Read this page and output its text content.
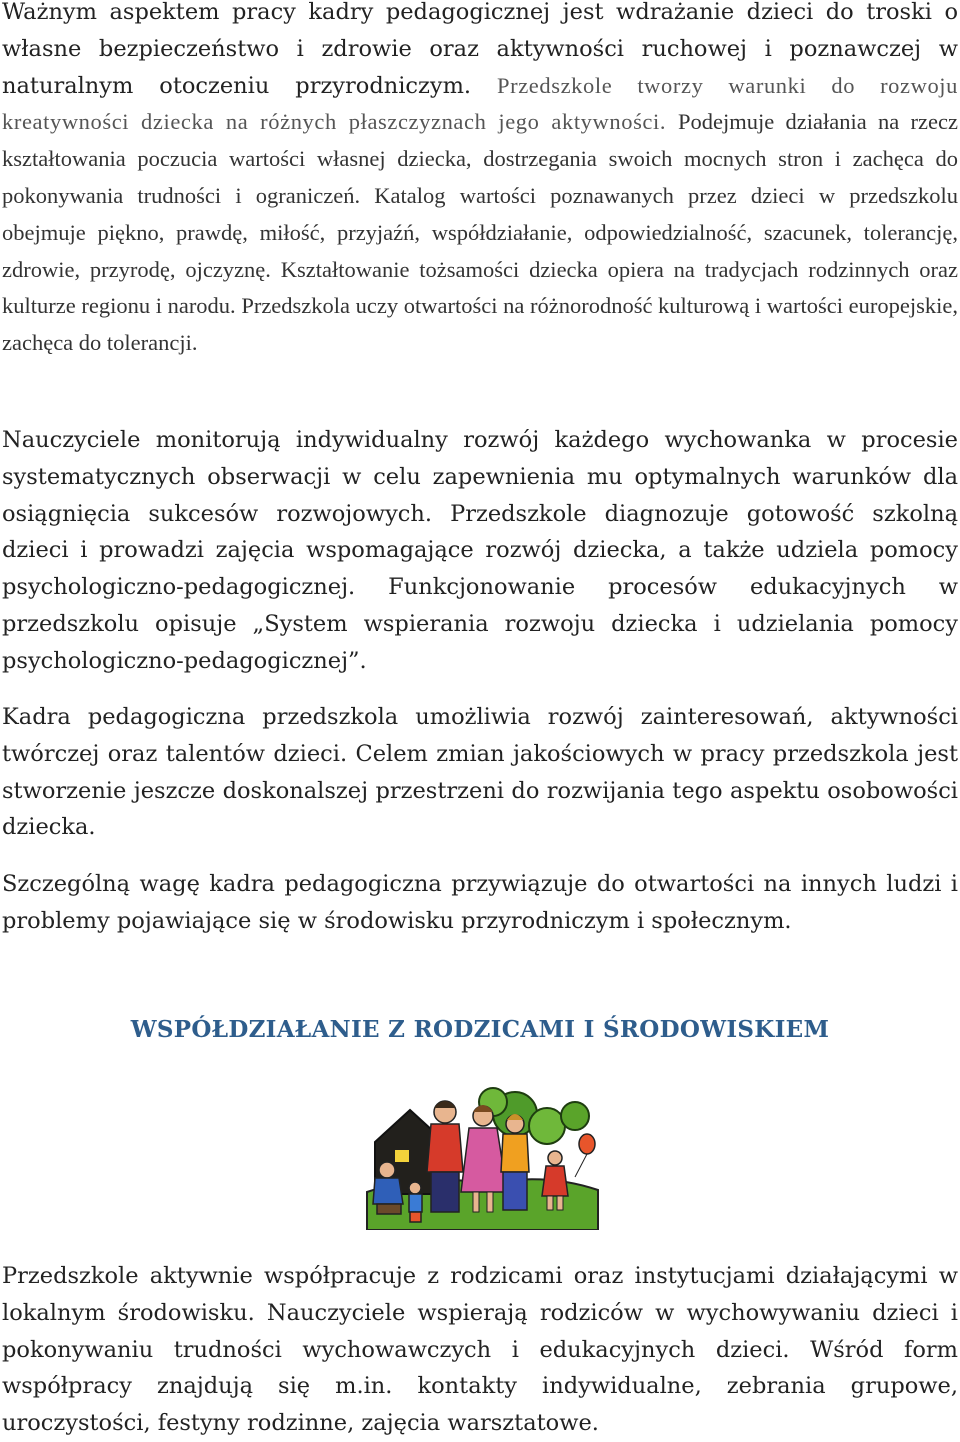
Ważnym aspektem pracy kadry pedagogicznej jest wdrażanie dzieci do troski o własne bezpieczeństwo i zdrowie oraz aktywności ruchowej i poznawczej w naturalnym otoczeniu przyrodniczym. Przedszkole tworzy warunki do rozwoju kreatywności dziecka na różnych płaszczyznach jego aktywności. Podejmuje działania na rzecz kształtowania poczucia wartości własnej dziecka, dostrzegania swoich mocnych stron i zachęca do pokonywania trudności i ograniczeń. Katalog wartości poznawanych przez dzieci w przedszkolu obejmuje piękno, prawdę, miłość, przyjaźń, współdziałanie, odpowiedzialność, szacunek, tolerancję, zdrowie, przyrodę, ojczyznę. Kształtowanie tożsamości dziecka opiera na tradycjach rodzinnych oraz kulturze regionu i narodu. Przedszkola uczy otwartości na różnorodność kulturową i wartości europejskie, zachęca do tolerancji.

Nauczyciele monitorują indywidualny rozwój każdego wychowanka w procesie systematycznych obserwacji w celu zapewnienia mu optymalnych warunków dla osiągnięcia sukcesów rozwojowych. Przedszkole diagnozuje gotowość szkolną dzieci i prowadzi zajęcia wspomagające rozwój dziecka, a także udziela pomocy psychologiczno-pedagogicznej. Funkcjonowanie procesów edukacyjnych w przedszkolu opisuje „System wspierania rozwoju dziecka i udzielania pomocy psychologiczno-pedagogicznej”.

Kadra pedagogiczna przedszkola umożliwia rozwój zainteresowań, aktywności twórczej oraz talentów dzieci. Celem zmian jakościowych w pracy przedszkola jest stworzenie jeszcze doskonalszej przestrzeni do rozwijania tego aspektu osobowości dziecka.

Szczególną wagę kadra pedagogiczna przywiązuje do otwartości na innych ludzi i problemy pojawiające się w środowisku przyrodniczym i społecznym.

WSPÓŁDZIAŁANIE Z RODZICAMI I ŚRODOWISKIEM

Przedszkole aktywnie współpracuje z rodzicami oraz instytucjami działającymi w lokalnym środowisku. Nauczyciele wspierają rodziców w wychowywaniu dzieci i pokonywaniu trudności wychowawczych i edukacyjnych dzieci. Wśród form współpracy znajdują się m.in. kontakty indywidualne, zebrania grupowe, uroczystości, festyny rodzinne, zajęcia warsztatowe.
